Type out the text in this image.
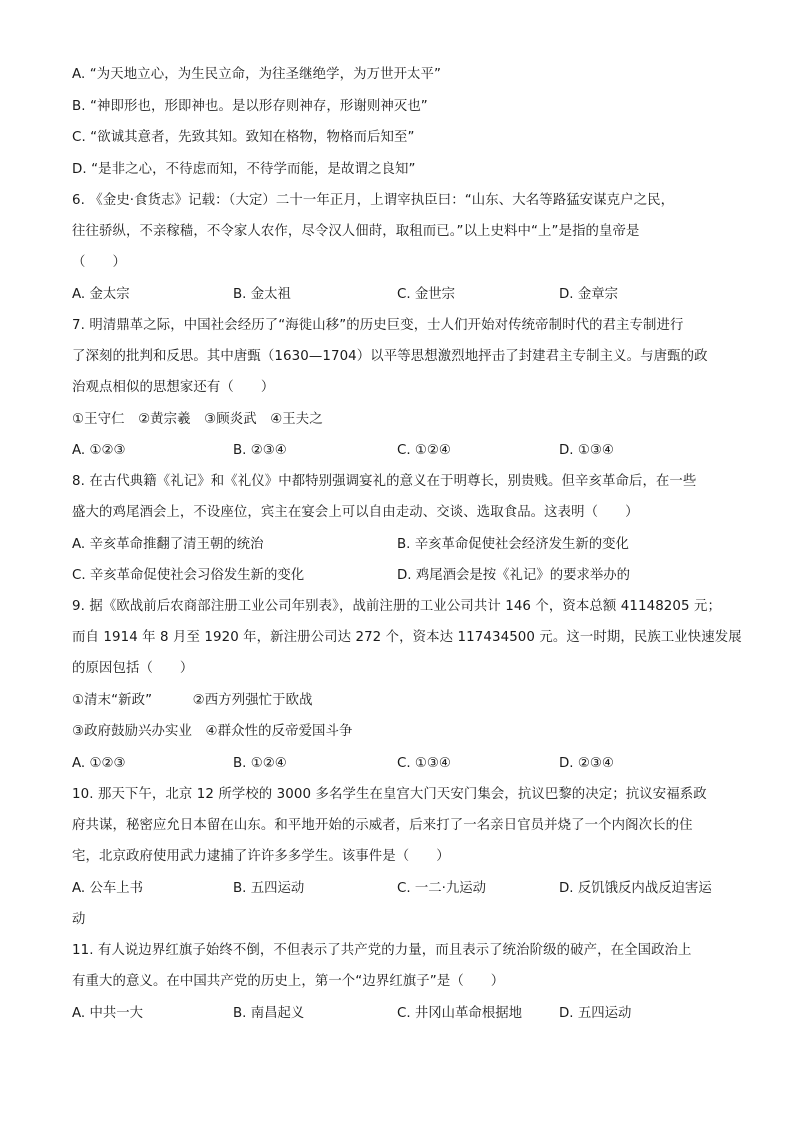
A. “为天地立心，为生民立命，为往圣继绝学，为万世开太平”
B. “神即形也，形即神也。是以形存则神存，形谢则神灭也”
C. “欲诚其意者，先致其知。致知在格物，物格而后知至”
D. “是非之心，不待虑而知，不待学而能，是故谓之良知”
6. 《金史·食货志》记载：（大定）二十一年正月，上谓宰执臣曰：“山东、大名等路猛安谋克户之民，
往往骄纵，不亲稼穑，不令家人农作，尽令汉人佃莳，取租而已。”以上史料中“上”是指的皇帝是
（　　）
A. 金太宗	B. 金太祖	C. 金世宗	D. 金章宗
7. 明清鼎革之际，中国社会经历了“海徙山移”的历史巨变，士人们开始对传统帝制时代的君主专制进行
了深刻的批判和反思。其中唐甄（1630—1704）以平等思想激烈地抨击了封建君主专制主义。与唐甄的政
治观点相似的思想家还有（　　）
①王守仁　②黄宗羲　③顾炎武　④王夫之
A. ①②③	B. ②③④	C. ①②④	D. ①③④
8. 在古代典籍《礼记》和《礼仪》中都特别强调宴礼的意义在于明尊长，别贵贱。但辛亥革命后，在一些
盛大的鸡尾酒会上，不设座位，宾主在宴会上可以自由走动、交谈、选取食品。这表明（　　）
A. 辛亥革命推翻了清王朝的统治	B. 辛亥革命促使社会经济发生新的变化
C. 辛亥革命促使社会习俗发生新的变化	D. 鸡尾酒会是按《礼记》的要求举办的
9. 据《欧战前后农商部注册工业公司年别表》，战前注册的工业公司共计 146 个，资本总额 41148205 元；
而自 1914 年 8 月至 1920 年，新注册公司达 272 个，资本达 117434500 元。这一时期，民族工业快速发展
的原因包括（　　）
①清末“新政”　　　②西方列强忙于欧战
③政府鼓励兴办实业　④群众性的反帝爱国斗争
A. ①②③	B. ①②④	C. ①③④	D. ②③④
10. 那天下午，北京 12 所学校的 3000 多名学生在皇宫大门天安门集会，抗议巴黎的决定；抗议安福系政
府共谋，秘密应允日本留在山东。和平地开始的示威者，后来打了一名亲日官员并烧了一个内阁次长的住
宅，北京政府使用武力逮捕了许许多多学生。该事件是（　　）
A. 公车上书	B. 五四运动	C. 一二·九运动	D. 反饥饿反内战反迫害运
动
11. 有人说边界红旗子始终不倒，不但表示了共产党的力量，而且表示了统治阶级的破产，在全国政治上
有重大的意义。在中国共产党的历史上，第一个“边界红旗子”是（　　）
A. 中共一大	B. 南昌起义	C. 井冈山革命根据地	D. 五四运动
